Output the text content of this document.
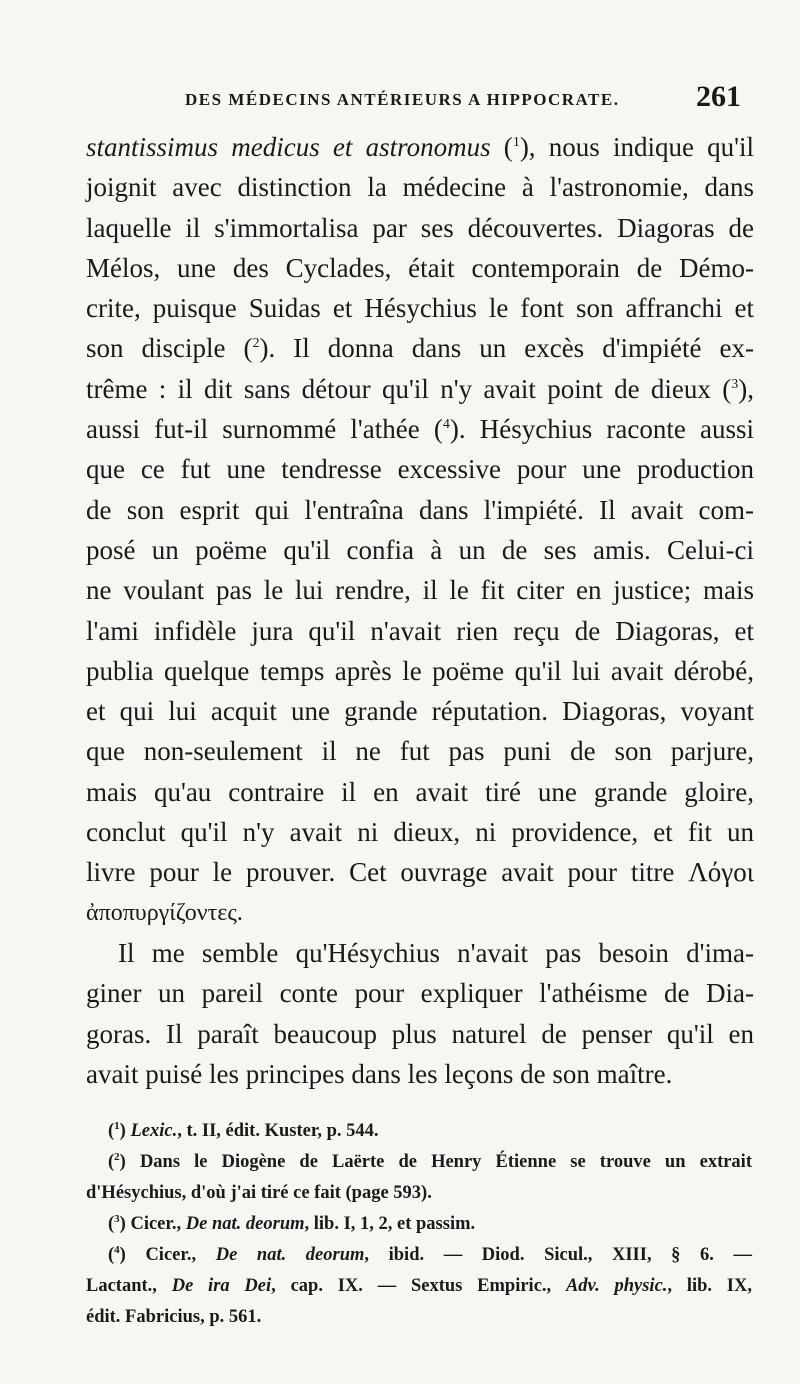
DES MÉDECINS ANTÉRIEURS A HIPPOCRATE.	261
stantissimus medicus et astronomus ($^1$), nous indique qu'il
joignit avec distinction la médecine à l'astronomie, dans
laquelle il s'immortalisa par ses découvertes. Diagoras de
Mélos, une des Cyclades, était contemporain de Démo-
crite, puisque Suidas et Hésychius le font son affranchi et
son disciple ($^2$). Il donna dans un excès d'impiété ex-
trême : il dit sans détour qu'il n'y avait point de dieux ($^3$),
aussi fut-il surnommé l'athée ($^4$). Hésychius raconte aussi
que ce fut une tendresse excessive pour une production
de son esprit qui l'entraîna dans l'impiété. Il avait com-
posé un poëme qu'il confia à un de ses amis. Celui-ci
ne voulant pas le lui rendre, il le fit citer en justice; mais
l'ami infidèle jura qu'il n'avait rien reçu de Diagoras, et
publia quelque temps après le poëme qu'il lui avait dérobé,
et qui lui acquit une grande réputation. Diagoras, voyant
que non-seulement il ne fut pas puni de son parjure,
mais qu'au contraire il en avait tiré une grande gloire,
conclut qu'il n'y avait ni dieux, ni providence, et fit un
livre pour le prouver. Cet ouvrage avait pour titre Λόγοι
ἀποπυργίζοντες.
Il me semble qu'Hésychius n'avait pas besoin d'ima-
giner un pareil conte pour expliquer l'athéisme de Dia-
goras. Il paraît beaucoup plus naturel de penser qu'il en
avait puisé les principes dans les leçons de son maître.
($^1$) Lexic., t. II, édit. Kuster, p. 544.
($^2$) Dans le Diogène de Laërte de Henry Étienne se trouve un extrait
d'Hésychius, d'où j'ai tiré ce fait (page 593).
($^3$) Cicer., De nat. deorum, lib. I, 1, 2, et passim.
($^4$) Cicer., De nat. deorum, ibid. — Diod. Sicul., XIII, § 6. —
Lactant., De ira Dei, cap. IX. — Sextus Empiric., Adv. physic., lib. IX,
édit. Fabricius, p. 561.
